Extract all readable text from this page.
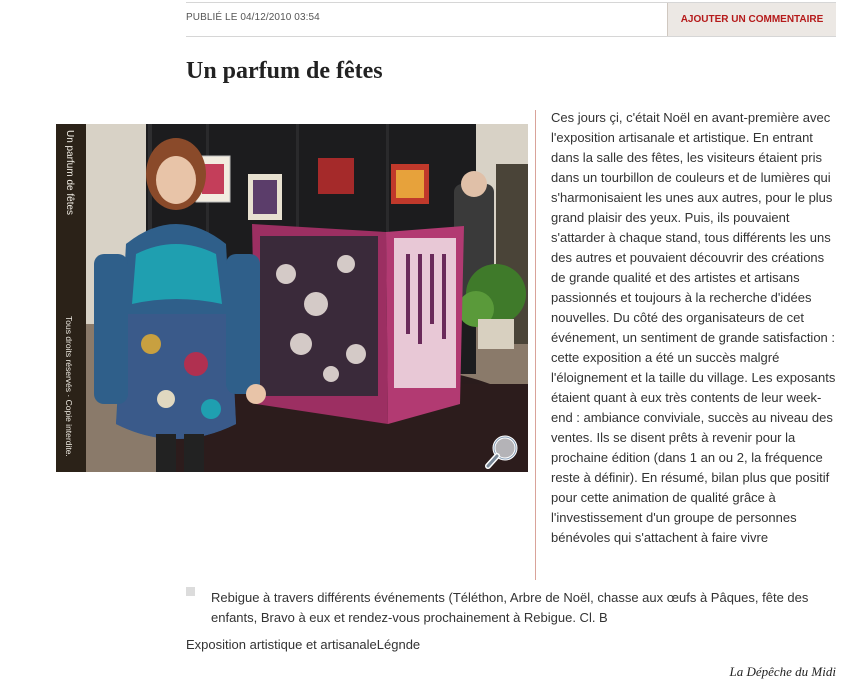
PUBLIÉ LE 04/12/2010 03:54	AJOUTER UN COMMENTAIRE
Un parfum de fêtes
Un parfum de fêtes
Tous droits réservés · Copie interdite.

Ces jours çi, c'était Noël en avant-première avec l'exposition artisanale et artistique. En entrant dans la salle des fêtes, les visiteurs étaient pris dans un tourbillon de couleurs et de lumières qui s'harmonisaient les unes aux autres, pour le plus grand plaisir des yeux. Puis, ils pouvaient s'attarder à chaque stand, tous différents les uns des autres et pouvaient découvrir des créations de grande qualité et des artistes et artisans passionnés et toujours à la recherche d'idées nouvelles. Du côté des organisateurs de cet événement, un sentiment de grande satisfaction : cette exposition a été un succès malgré l'éloignement et la taille du village. Les exposants étaient quant à eux très contents de leur week-end : ambiance conviviale, succès au niveau des ventes. Ils se disent prêts à revenir pour la prochaine édition (dans 1 an ou 2, la fréquence reste à définir). En résumé, bilan plus que positif pour cette animation de qualité grâce à l'investissement d'un groupe de personnes bénévoles qui s'attachent à faire vivre

Rebigue à travers différents événements (Téléthon, Arbre de Noël, chasse aux œufs à Pâques, fête des enfants, Bravo à eux et rendez-vous prochainement à Rebigue. Cl. B
Exposition artistique et artisanaleLégnde
La Dépêche du Midi
